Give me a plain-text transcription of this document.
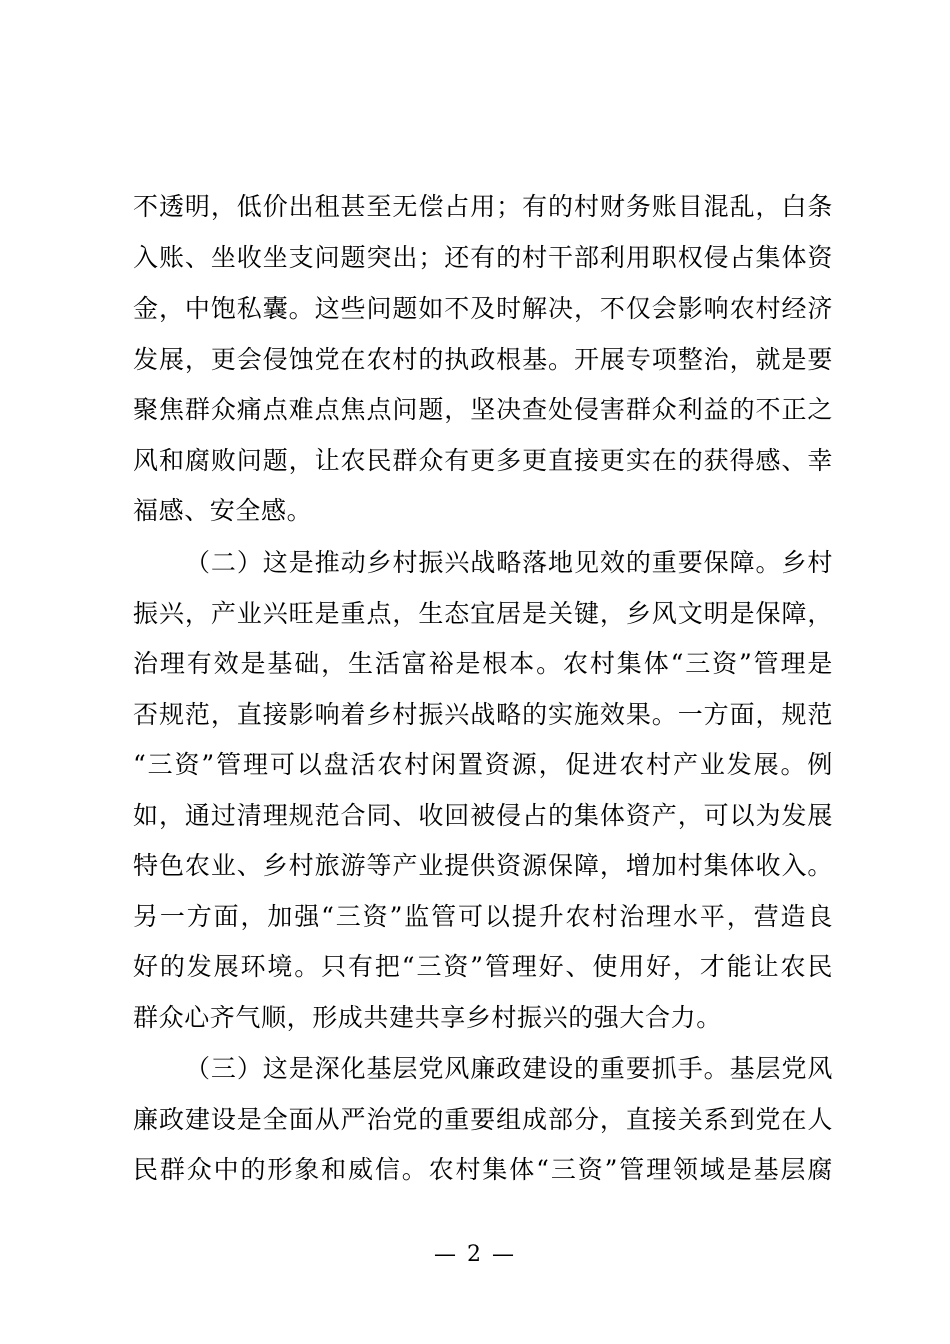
不透明，低价出租甚至无偿占用；有的村财务账目混乱，白条
入账、坐收坐支问题突出；还有的村干部利用职权侵占集体资
金，中饱私囊。这些问题如不及时解决，不仅会影响农村经济
发展，更会侵蚀党在农村的执政根基。开展专项整治，就是要
聚焦群众痛点难点焦点问题，坚决查处侵害群众利益的不正之
风和腐败问题，让农民群众有更多更直接更实在的获得感、幸
福感、安全感。
（二）这是推动乡村振兴战略落地见效的重要保障。乡村
振兴，产业兴旺是重点，生态宜居是关键，乡风文明是保障，
治理有效是基础，生活富裕是根本。农村集体“三资”管理是
否规范，直接影响着乡村振兴战略的实施效果。一方面，规范
“三资”管理可以盘活农村闲置资源，促进农村产业发展。例
如，通过清理规范合同、收回被侵占的集体资产，可以为发展
特色农业、乡村旅游等产业提供资源保障，增加村集体收入。
另一方面，加强“三资”监管可以提升农村治理水平，营造良
好的发展环境。只有把“三资”管理好、使用好，才能让农民
群众心齐气顺，形成共建共享乡村振兴的强大合力。
（三）这是深化基层党风廉政建设的重要抓手。基层党风
廉政建设是全面从严治党的重要组成部分，直接关系到党在人
民群众中的形象和威信。农村集体“三资”管理领域是基层腐
— 2 —
